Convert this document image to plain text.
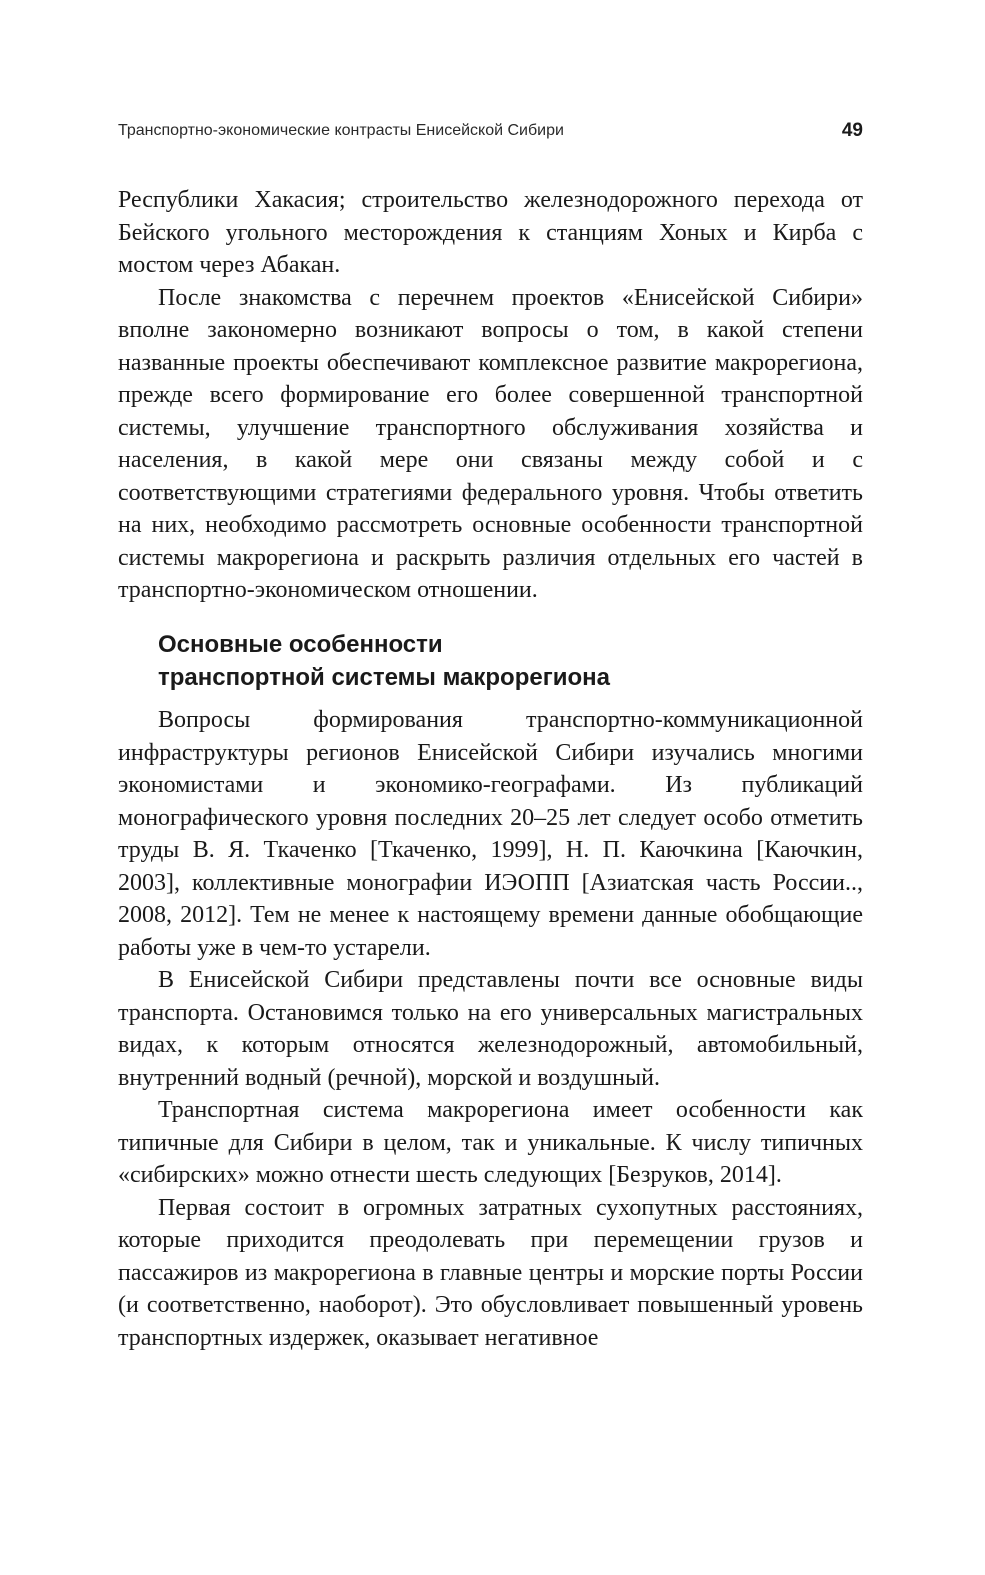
Транспортно-экономические контрасты Енисейской Сибири	49

Республики Хакасия; строительство железнодорожного перехода от Бейского угольного месторождения к станциям Хоных и Кирба с мостом через Абакан.

После знакомства с перечнем проектов «Енисейской Сибири» вполне закономерно возникают вопросы о том, в какой степени названные проекты обеспечивают комплексное развитие макрорегиона, прежде всего формирование его более совершенной транспортной системы, улучшение транспортного обслуживания хозяйства и населения, в какой мере они связаны между собой и с соответствующими стратегиями федерального уровня. Чтобы ответить на них, необходимо рассмотреть основные особенности транспортной системы макрорегиона и раскрыть различия отдельных его частей в транспортно-экономическом отношении.

Основные особенности
транспортной системы макрорегиона

Вопросы формирования транспортно-коммуникационной инфраструктуры регионов Енисейской Сибири изучались многими экономистами и экономико-географами. Из публикаций монографического уровня последних 20–25 лет следует особо отметить труды В. Я. Ткаченко [Ткаченко, 1999], Н. П. Каючкина [Каючкин, 2003], коллективные монографии ИЭОПП [Азиатская часть России.., 2008, 2012]. Тем не менее к настоящему времени данные обобщающие работы уже в чем-то устарели.

В Енисейской Сибири представлены почти все основные виды транспорта. Остановимся только на его универсальных магистральных видах, к которым относятся железнодорожный, автомобильный, внутренний водный (речной), морской и воздушный.

Транспортная система макрорегиона имеет особенности как типичные для Сибири в целом, так и уникальные. К числу типичных «сибирских» можно отнести шесть следующих [Безруков, 2014].

Первая состоит в огромных затратных сухопутных расстояниях, которые приходится преодолевать при перемещении грузов и пассажиров из макрорегиона в главные центры и морские порты России (и соответственно, наоборот). Это обусловливает повышенный уровень транспортных издержек, оказывает негативное
